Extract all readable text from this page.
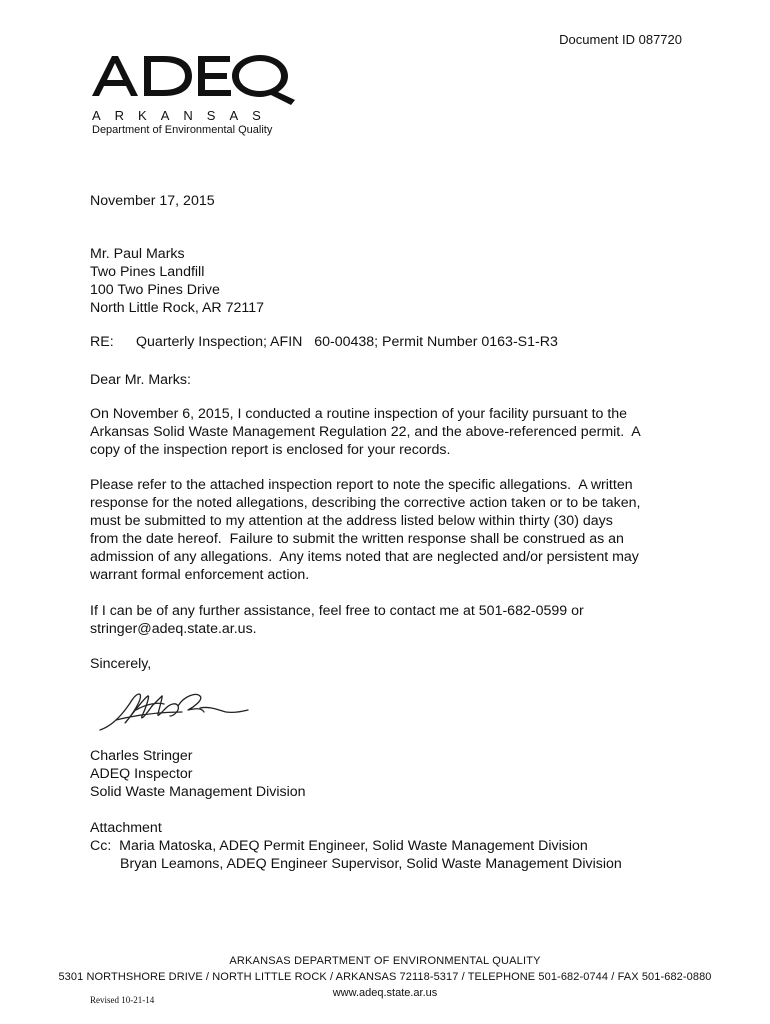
Document ID 087720
ARKANSAS
Department of Environmental Quality
November 17, 2015
Mr. Paul Marks
Two Pines Landfill
100 Two Pines Drive
North Little Rock, AR 72117
RE: Quarterly Inspection; AFIN   60-00438; Permit Number 0163-S1-R3
Dear Mr. Marks:
On November 6, 2015, I conducted a routine inspection of your facility pursuant to the
Arkansas Solid Waste Management Regulation 22, and the above-referenced permit.  A
copy of the inspection report is enclosed for your records.
Please refer to the attached inspection report to note the specific allegations.  A written
response for the noted allegations, describing the corrective action taken or to be taken,
must be submitted to my attention at the address listed below within thirty (30) days
from the date hereof.  Failure to submit the written response shall be construed as an
admission of any allegations.  Any items noted that are neglected and/or persistent may
warrant formal enforcement action.
If I can be of any further assistance, feel free to contact me at 501-682-0599 or
stringer@adeq.state.ar.us.
Sincerely,
Charles Stringer
ADEQ Inspector
Solid Waste Management Division
Attachment
Cc:  Maria Matoska, ADEQ Permit Engineer, Solid Waste Management Division
Bryan Leamons, ADEQ Engineer Supervisor, Solid Waste Management Division
ARKANSAS DEPARTMENT OF ENVIRONMENTAL QUALITY
5301 NORTHSHORE DRIVE / NORTH LITTLE ROCK / ARKANSAS 72118-5317 / TELEPHONE 501-682-0744 / FAX 501-682-0880
www.adeq.state.ar.us
Revised 10-21-14
